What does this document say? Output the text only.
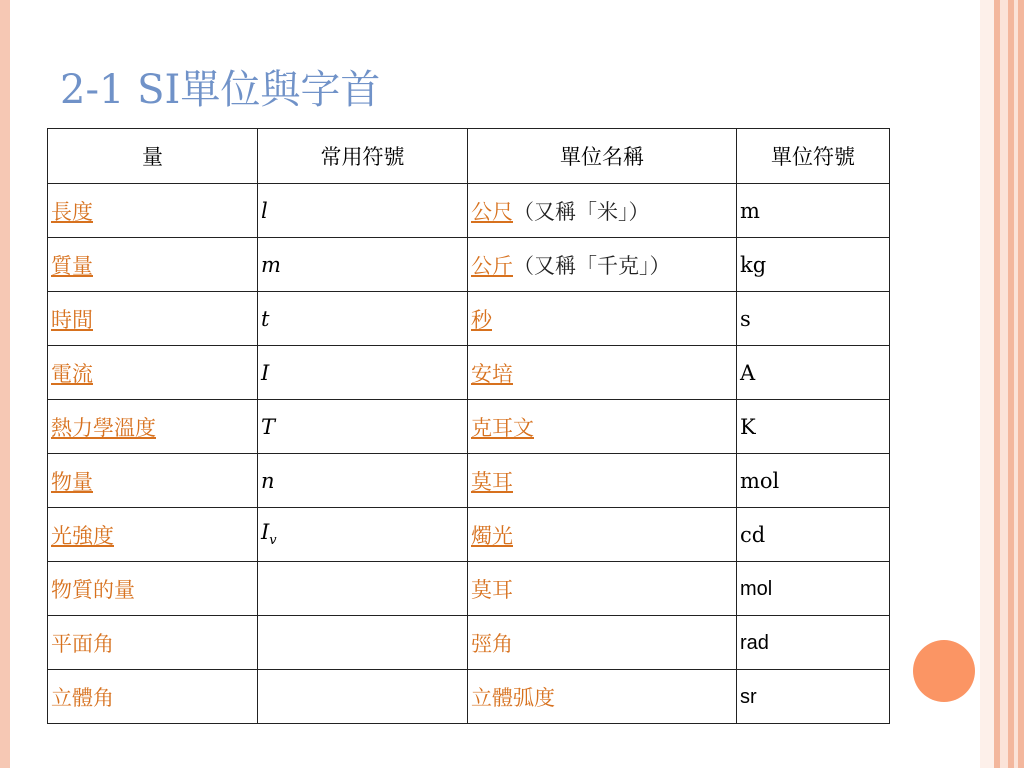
2-1 SI單位與字首
量	常用符號	單位名稱	單位符號
長度	l	公尺（又稱「米」）	m
質量	m	公斤（又稱「千克」）	kg
時間	t	秒	s
電流	I	安培	A
熱力學溫度	T	克耳文	K
物量	n	莫耳	mol
光強度	$I_v$	燭光	cd
物質的量		莫耳	mol
平面角		弳角	rad
立體角		立體弧度	sr
